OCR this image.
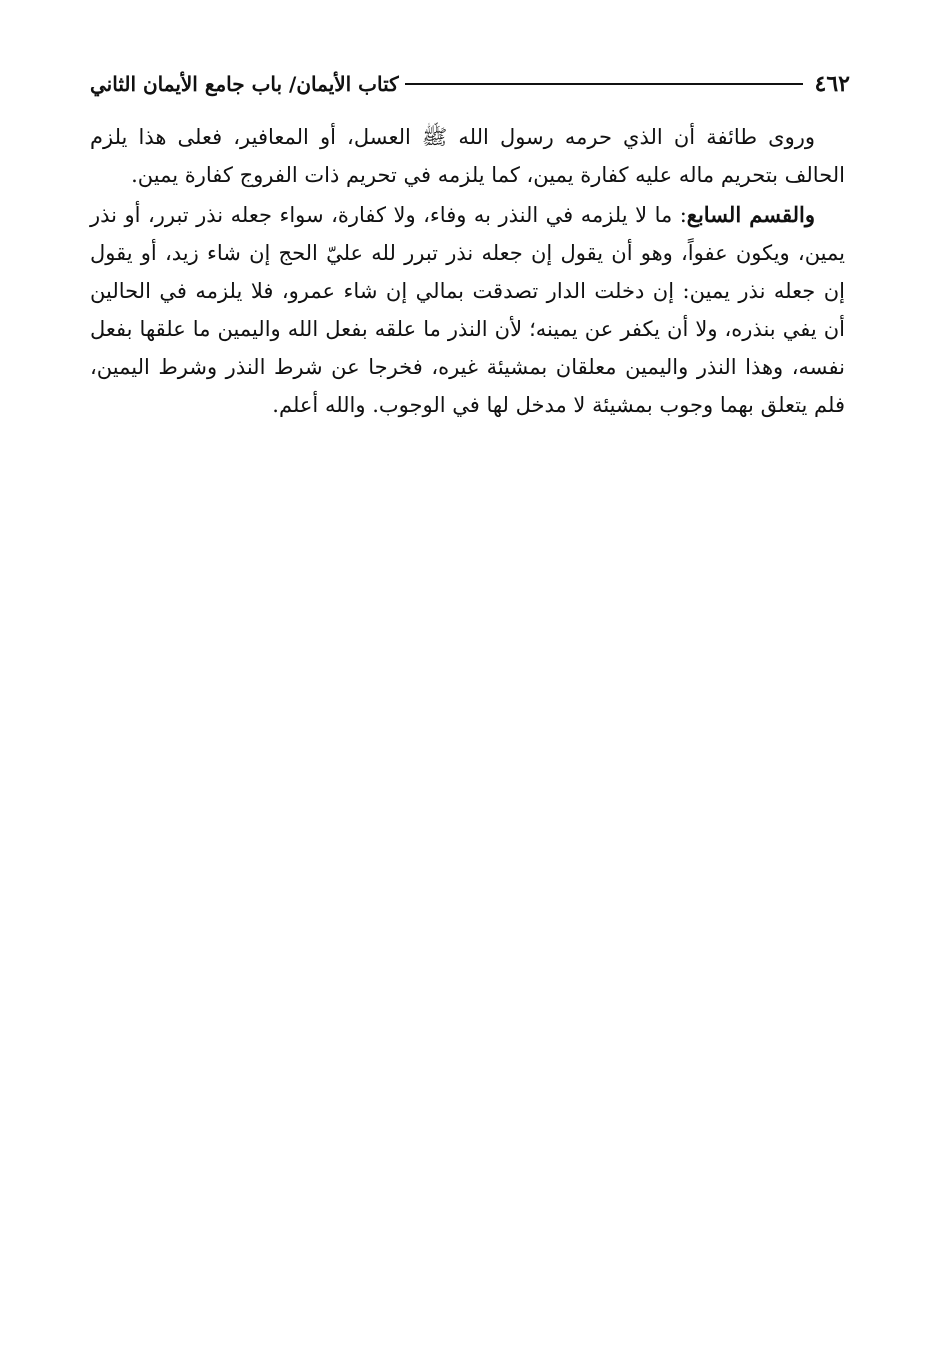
٤٦٢
كتاب الأيمان/ باب جامع الأيمان الثاني

وروى طائفة أن الذي حرمه رسول الله ﷺ العسل، أو المعافير، فعلى هذا يلزم الحالف بتحريم ماله عليه كفارة يمين، كما يلزمه في تحريم ذات الفروج كفارة يمين.

والقسم السابع: ما لا يلزمه في النذر به وفاء، ولا كفارة، سواء جعله نذر تبرر، أو نذر يمين، ويكون عفواً، وهو أن يقول إن جعله نذر تبرر لله عليّ الحج إن شاء زيد، أو يقول إن جعله نذر يمين: إن دخلت الدار تصدقت بمالي إن شاء عمرو، فلا يلزمه في الحالين أن يفي بنذره، ولا أن يكفر عن يمينه؛ لأن النذر ما علقه بفعل الله واليمين ما علقها بفعل نفسه، وهذا النذر واليمين معلقان بمشيئة غيره، فخرجا عن شرط النذر وشرط اليمين، فلم يتعلق بهما وجوب بمشيئة لا مدخل لها في الوجوب. والله أعلم.
